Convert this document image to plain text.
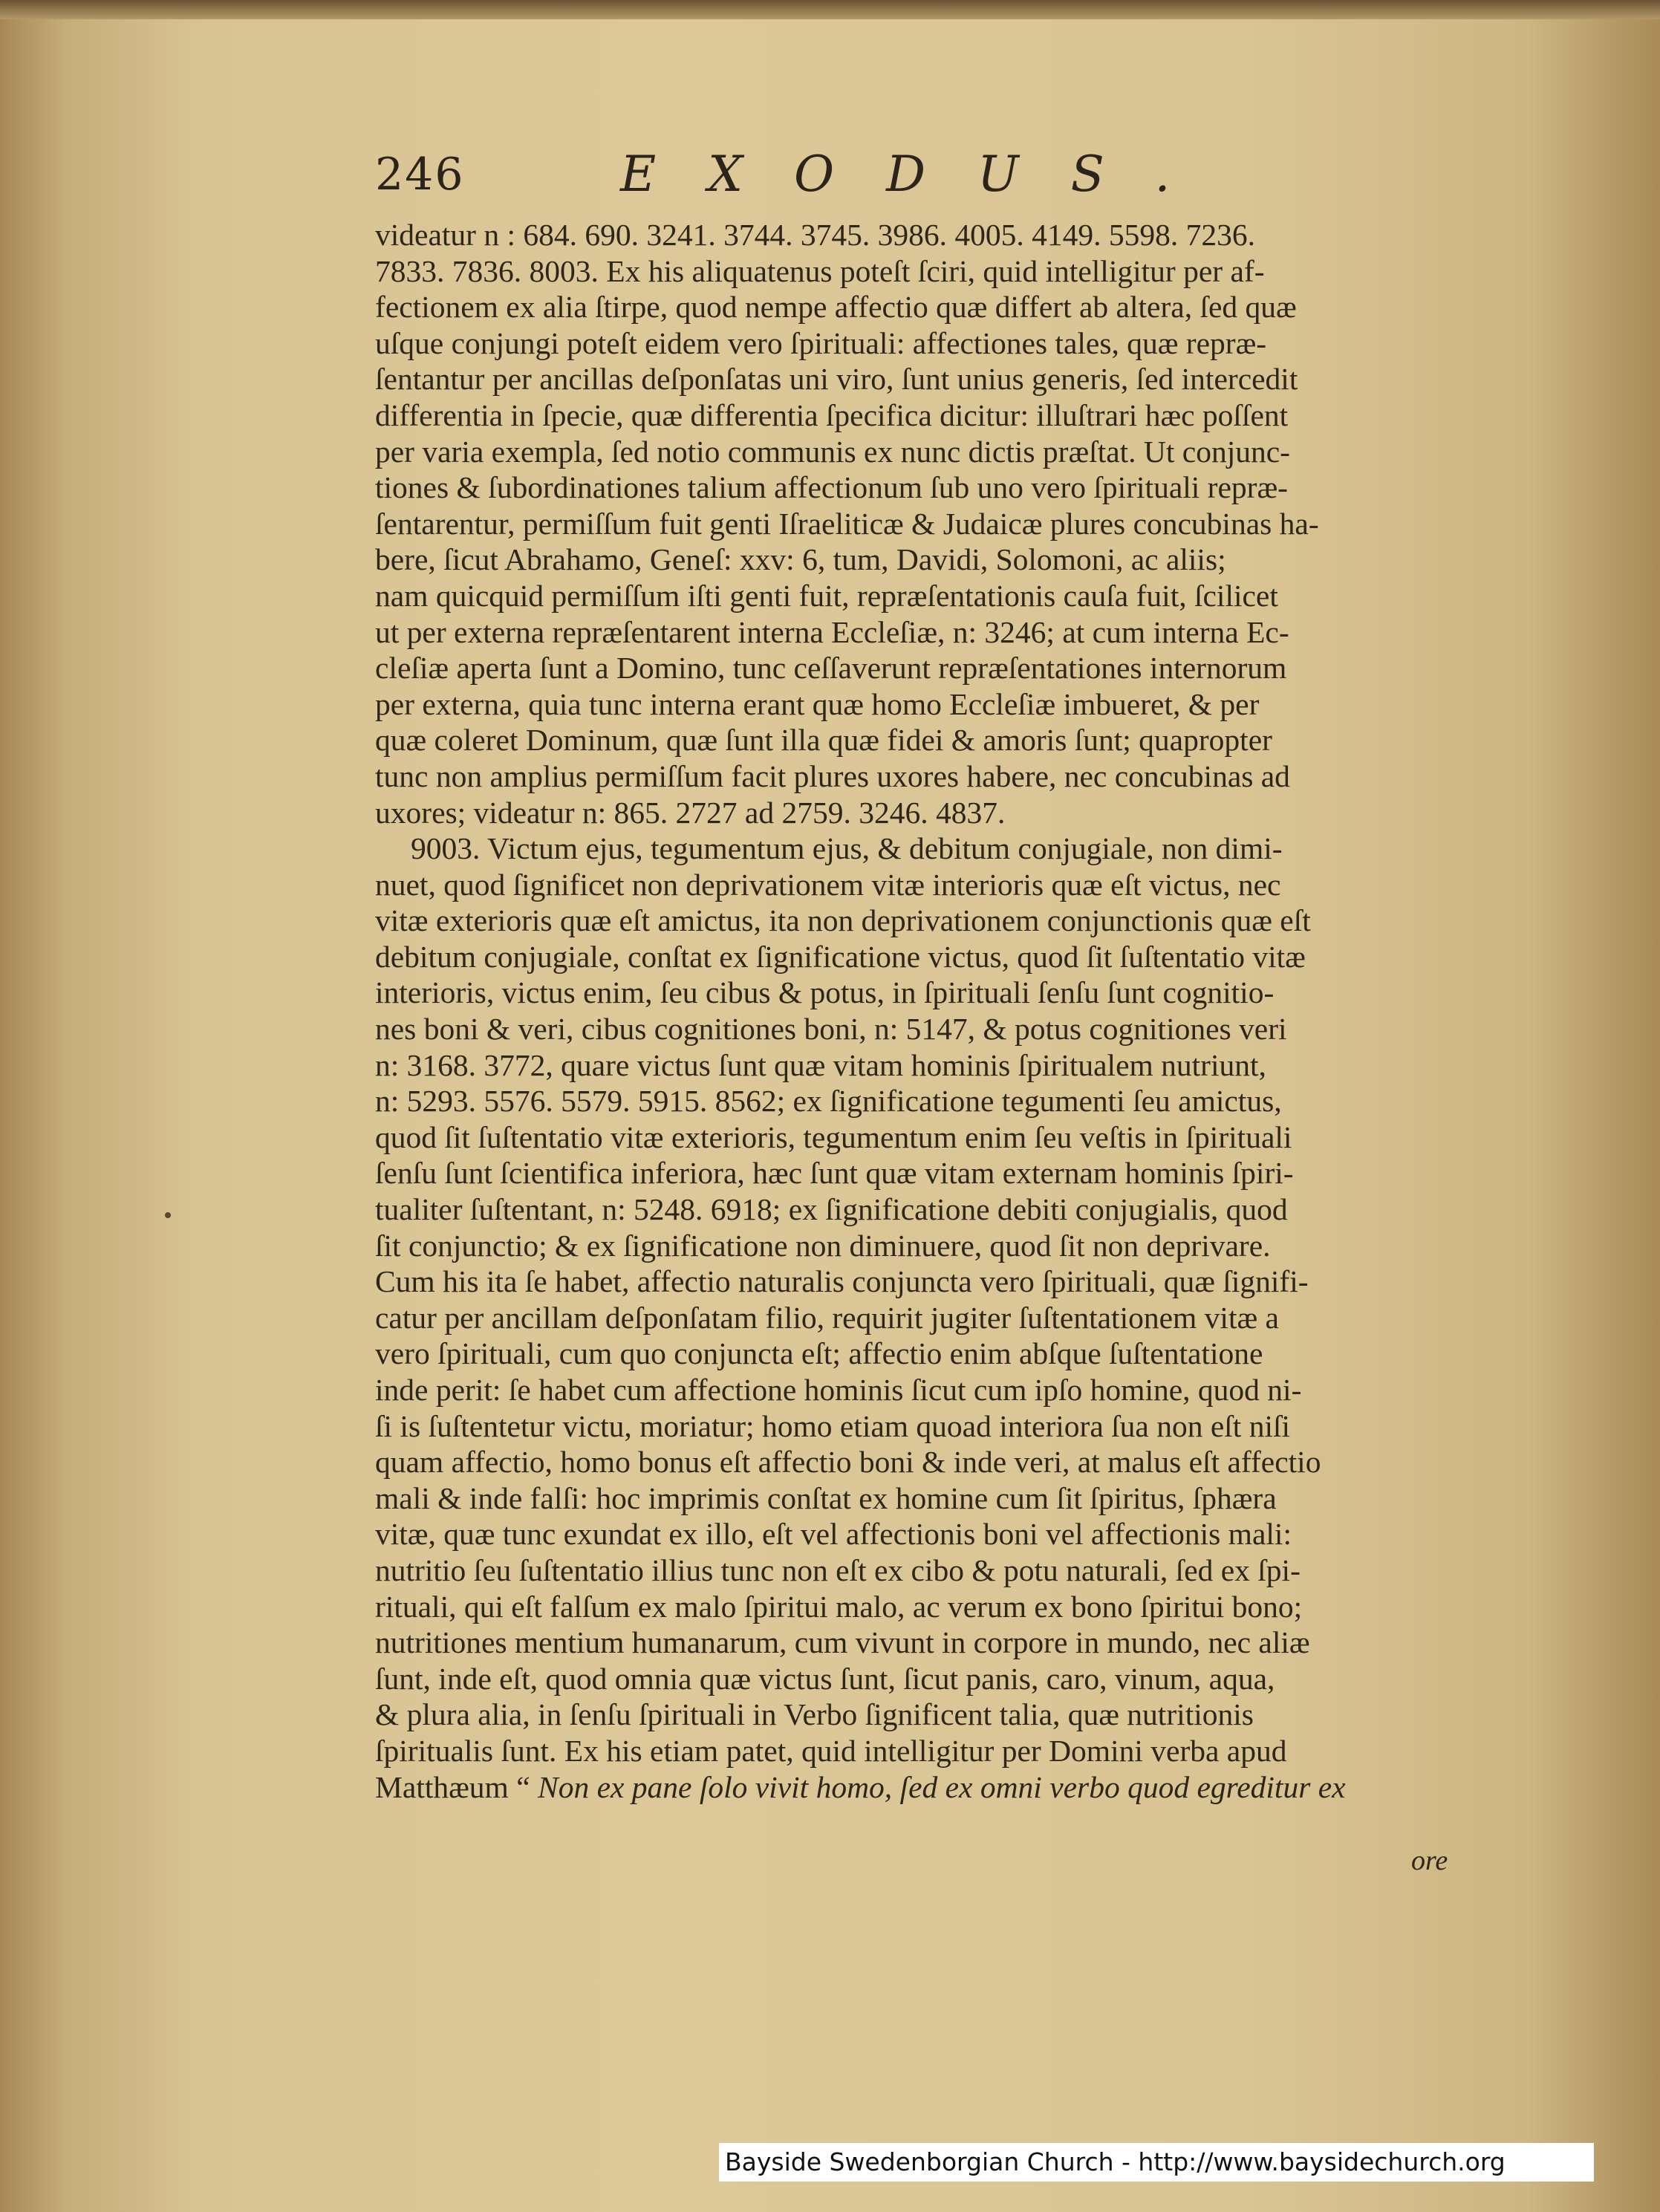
246	EXODUS.
videatur n : 684. 690. 3241. 3744. 3745. 3986. 4005. 4149. 5598. 7236.
7833. 7836. 8003. Ex his aliquatenus poteſt ſciri, quid intelligitur per af-
fectionem ex alia ſtirpe, quod nempe affectio quæ differt ab altera, ſed quæ
uſque conjungi poteſt eidem vero ſpirituali: affectiones tales, quæ repræ-
ſentantur per ancillas deſponſatas uni viro, ſunt unius generis, ſed intercedit
differentia in ſpecie, quæ differentia ſpecifica dicitur: illuſtrari hæc poſſent
per varia exempla, ſed notio communis ex nunc dictis præſtat. Ut conjunc-
tiones & ſubordinationes talium affectionum ſub uno vero ſpirituali repræ-
ſentarentur, permiſſum fuit genti Iſraeliticæ & Judaicæ plures concubinas ha-
bere, ſicut Abrahamo, Geneſ: xxv: 6, tum, Davidi, Solomoni, ac aliis;
nam quicquid permiſſum iſti genti fuit, repræſentationis cauſa fuit, ſcilicet
ut per externa repræſentarent interna Eccleſiæ, n: 3246; at cum interna Ec-
cleſiæ aperta ſunt a Domino, tunc ceſſaverunt repræſentationes internorum
per externa, quia tunc interna erant quæ homo Eccleſiæ imbueret, & per
quæ coleret Dominum, quæ ſunt illa quæ fidei & amoris ſunt; quapropter
tunc non amplius permiſſum facit plures uxores habere, nec concubinas ad
uxores; videatur n: 865. 2727 ad 2759. 3246. 4837.
9003. Victum ejus, tegumentum ejus, & debitum conjugiale, non dimi-
nuet, quod ſignificet non deprivationem vitæ interioris quæ eſt victus, nec
vitæ exterioris quæ eſt amictus, ita non deprivationem conjunctionis quæ eſt
debitum conjugiale, conſtat ex ſignificatione victus, quod ſit ſuſtentatio vitæ
interioris, victus enim, ſeu cibus & potus, in ſpirituali ſenſu ſunt cognitio-
nes boni & veri, cibus cognitiones boni, n: 5147, & potus cognitiones veri
n: 3168. 3772, quare victus ſunt quæ vitam hominis ſpiritualem nutriunt,
n: 5293. 5576. 5579. 5915. 8562; ex ſignificatione tegumenti ſeu amictus,
quod ſit ſuſtentatio vitæ exterioris, tegumentum enim ſeu veſtis in ſpirituali
ſenſu ſunt ſcientifica inferiora, hæc ſunt quæ vitam externam hominis ſpiri-
tualiter ſuſtentant, n: 5248. 6918; ex ſignificatione debiti conjugialis, quod
ſit conjunctio; & ex ſignificatione non diminuere, quod ſit non deprivare.
Cum his ita ſe habet, affectio naturalis conjuncta vero ſpirituali, quæ ſignifi-
catur per ancillam deſponſatam filio, requirit jugiter ſuſtentationem vitæ a
vero ſpirituali, cum quo conjuncta eſt; affectio enim abſque ſuſtentatione
inde perit: ſe habet cum affectione hominis ſicut cum ipſo homine, quod ni-
ſi is ſuſtentetur victu, moriatur; homo etiam quoad interiora ſua non eſt niſi
quam affectio, homo bonus eſt affectio boni & inde veri, at malus eſt affectio
mali & inde falſi: hoc imprimis conſtat ex homine cum ſit ſpiritus, ſphæra
vitæ, quæ tunc exundat ex illo, eſt vel affectionis boni vel affectionis mali:
nutritio ſeu ſuſtentatio illius tunc non eſt ex cibo & potu naturali, ſed ex ſpi-
rituali, qui eſt falſum ex malo ſpiritui malo, ac verum ex bono ſpiritui bono;
nutritiones mentium humanarum, cum vivunt in corpore in mundo, nec aliæ
ſunt, inde eſt, quod omnia quæ victus ſunt, ſicut panis, caro, vinum, aqua,
& plura alia, in ſenſu ſpirituali in Verbo ſignificent talia, quæ nutritionis
ſpiritualis ſunt. Ex his etiam patet, quid intelligitur per Domini verba apud
Matthæum “ Non ex pane ſolo vivit homo, ſed ex omni verbo quod egreditur ex
ore
Bayside Swedenborgian Church - http://www.baysidechurch.org
